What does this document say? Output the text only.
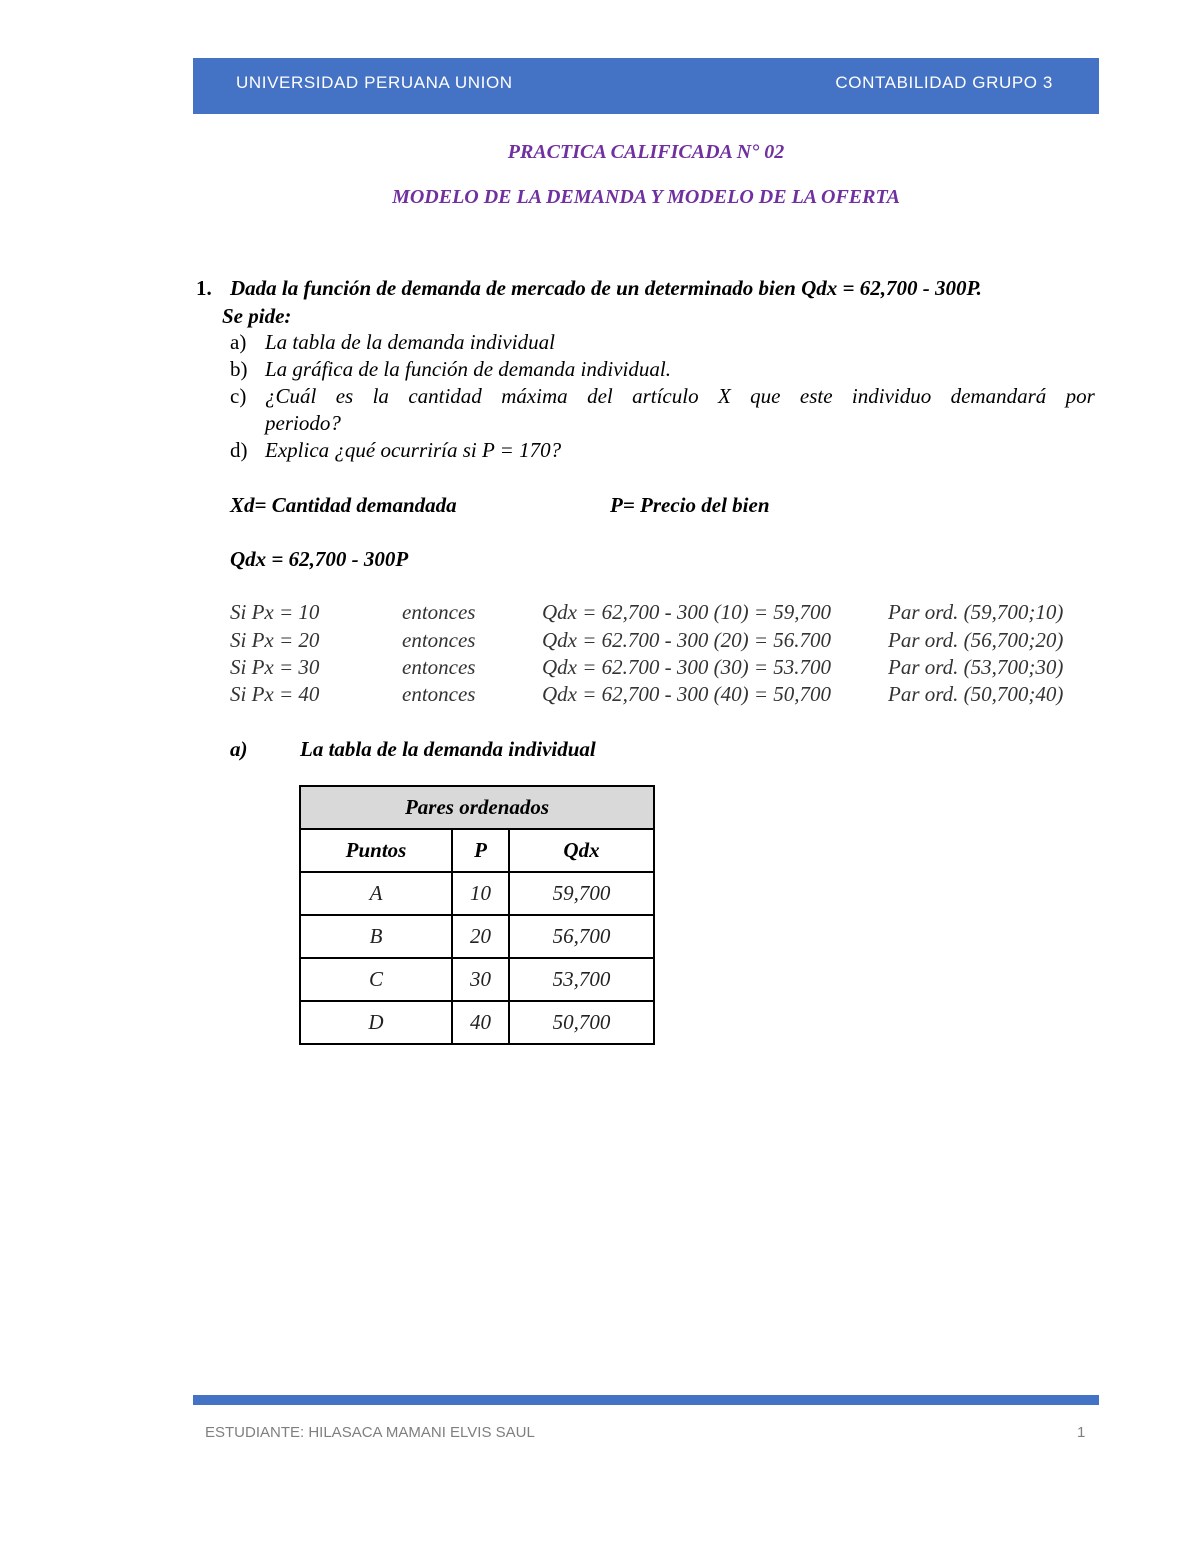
UNIVERSIDAD PERUANA UNION	CONTABILIDAD GRUPO 3
PRACTICA CALIFICADA N° 02
MODELO DE LA DEMANDA Y MODELO DE LA OFERTA
1. Dada la función de demanda de mercado de un determinado bien Qdx = 62,700 - 300P.
Se pide:
a) La tabla de la demanda individual
b) La gráfica de la función de demanda individual.
c) ¿Cuál es la cantidad máxima del artículo X que este individuo demandará por
periodo?
d) Explica ¿qué ocurriría si P = 170?
Xd= Cantidad demandada	P= Precio del bien
Qdx = 62,700 - 300P
Si Px = 10	entonces	Qdx = 62,700 - 300 (10) = 59,700	Par ord. (59,700;10)
Si Px = 20	entonces	Qdx = 62.700 - 300 (20) = 56.700	Par ord. (56,700;20)
Si Px = 30	entonces	Qdx = 62.700 - 300 (30) = 53.700	Par ord. (53,700;30)
Si Px = 40	entonces	Qdx = 62,700 - 300 (40) = 50,700	Par ord. (50,700;40)
a)	La tabla de la demanda individual
Pares ordenados		
Puntos	P	Qdx
A	10	59,700
B	20	56,700
C	30	53,700
D	40	50,700
ESTUDIANTE: HILASACA MAMANI ELVIS SAUL	1
